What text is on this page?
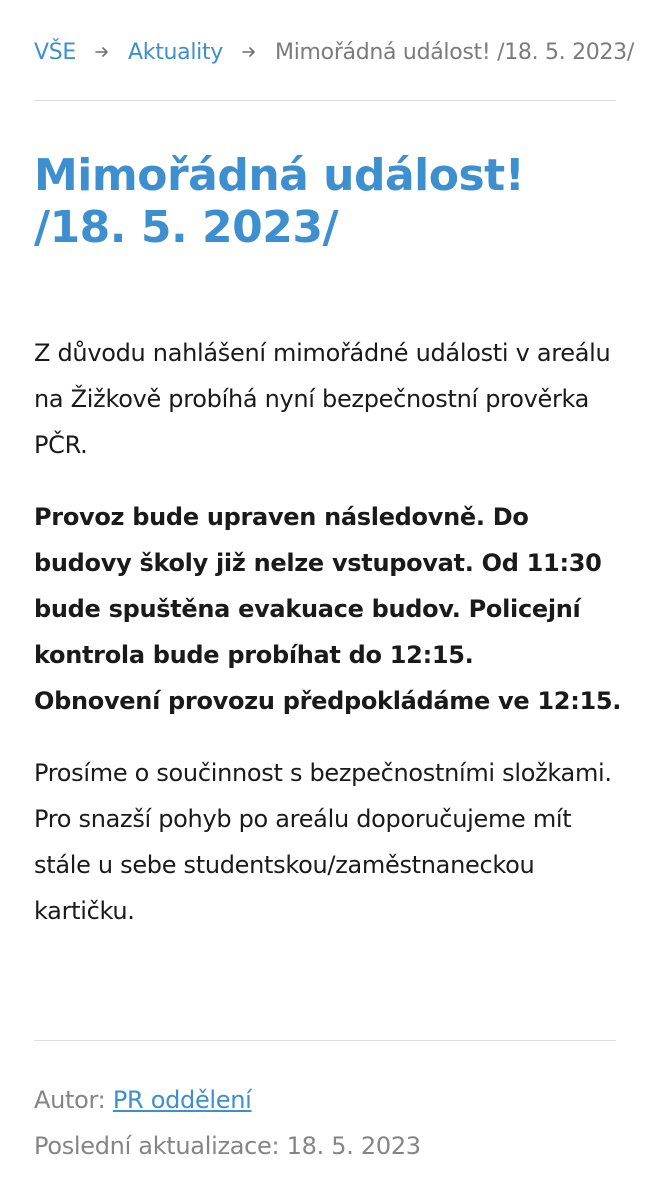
VŠE Aktuality Mimořádná událost! /18. 5. 2023/
Mimořádná událost! /18. 5. 2023/

Z důvodu nahlášení mimořádné události v areálu na Žižkově probíhá nyní bezpečnostní prověrka PČR.

Provoz bude upraven následovně. Do budovy školy již nelze vstupovat. Od 11:30 bude spuštěna evakuace budov. Policejní kontrola bude probíhat do 12:15.
Obnovení provozu předpokládáme ve 12:15.

Prosíme o součinnost s bezpečnostními složkami. Pro snazší pohyb po areálu doporučujeme mít stále u sebe studentskou/zaměstnaneckou kartičku.

Autor: PR oddělení
Poslední aktualizace: 18. 5. 2023
